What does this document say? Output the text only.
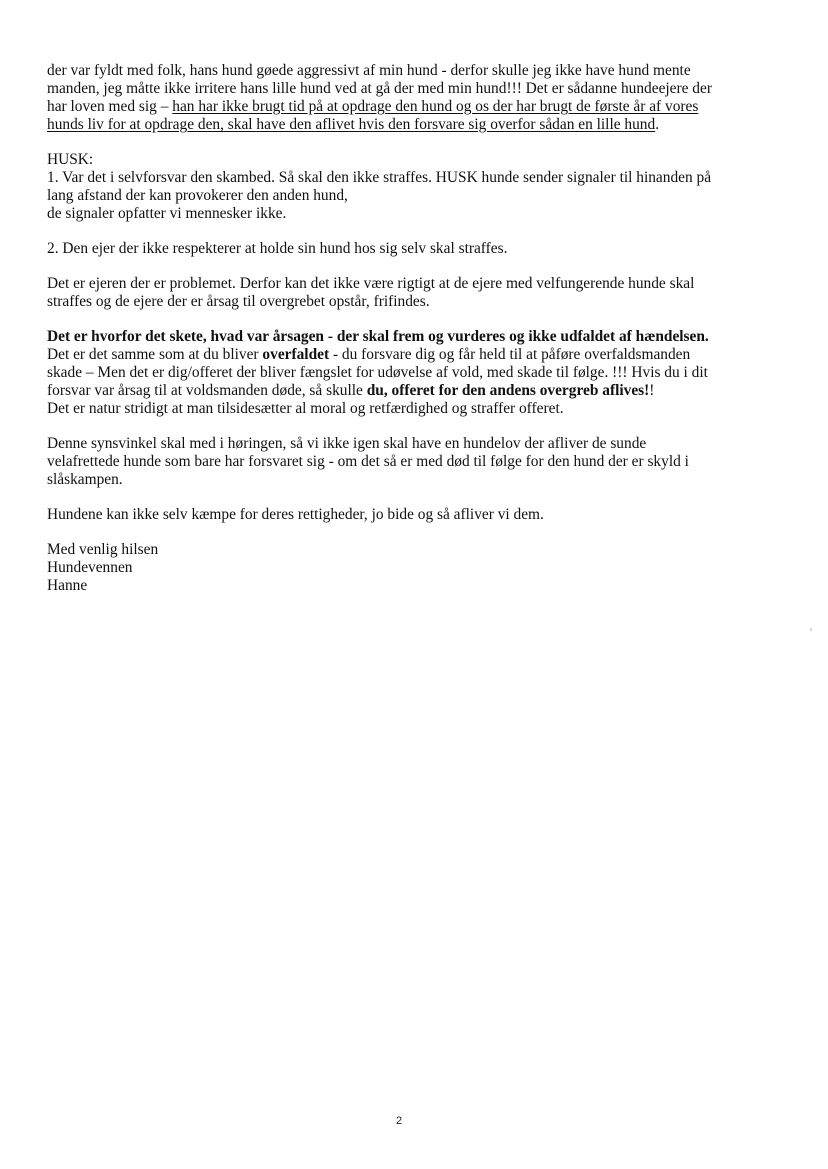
der var fyldt med folk, hans hund gøede aggressivt af min hund - derfor skulle jeg ikke have hund mente
manden, jeg måtte ikke irritere hans lille hund ved at gå der med min hund!!! Det er sådanne hundeejere der
har loven med sig – han har ikke brugt tid på at opdrage den hund og os der har brugt de første år af vores
hunds liv for at opdrage den, skal have den aflivet hvis den forsvare sig overfor sådan en lille hund.
HUSK:
1. Var det i selvforsvar den skambed. Så skal den ikke straffes. HUSK hunde sender signaler til hinanden på
lang afstand der kan provokerer den anden hund,
de signaler opfatter vi mennesker ikke.
2. Den ejer der ikke respekterer at holde sin hund hos sig selv skal straffes.
Det er ejeren der er problemet. Derfor kan det ikke være rigtigt at de ejere med velfungerende hunde skal
straffes og de ejere der er årsag til overgrebet opstår, frifindes.
Det er hvorfor det skete, hvad var årsagen - der skal frem og vurderes og ikke udfaldet af hændelsen.
Det er det samme som at du bliver overfaldet - du forsvare dig og får held til at påføre overfaldsmanden
skade – Men det er dig/offeret der bliver fængslet for udøvelse af vold, med skade til følge. !!! Hvis du i dit
forsvar var årsag til at voldsmanden døde, så skulle du, offeret for den andens overgreb aflives!!
Det er natur stridigt at man tilsidesætter al moral og retfærdighed og straffer offeret.
Denne synsvinkel skal med i høringen, så vi ikke igen skal have en hundelov der afliver de sunde
velafrettede hunde som bare har forsvaret sig - om det så er med død til følge for den hund der er skyld i
slåskampen.
Hundene kan ikke selv kæmpe for deres rettigheder, jo bide og så afliver vi dem.
Med venlig hilsen
Hundevennen
Hanne
2
